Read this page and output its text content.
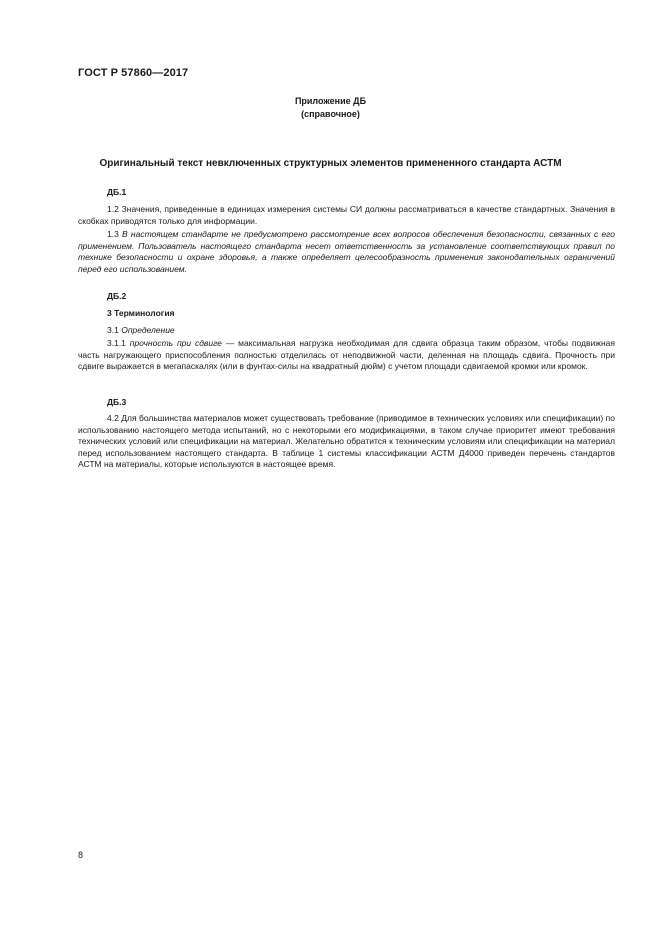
ГОСТ Р 57860—2017
Приложение ДБ
(справочное)
Оригинальный текст невключенных структурных элементов примененного стандарта АСТМ
ДБ.1

1.2 Значения, приведенные в единицах измерения системы СИ должны рассматриваться в качестве стандартных. Значения в скобках приводятся только для информации.

1.3 В настоящем стандарте не предусмотрено рассмотрение всех вопросов обеспечения безопасности, связанных с его применением. Пользователь настоящего стандарта несет ответственность за установление соответствующих правил по технике безопасности и охране здоровья, а также определяет целесообразность применения законодательных ограничений перед его использованием.

ДБ.2
3 Терминология
3.1 Определение

3.1.1 прочность при сдвиге — максимальная нагрузка необходимая для сдвига образца таким образом, чтобы подвижная часть нагружающего приспособления полностью отделилась от неподвижной части, деленная на площадь сдвига. Прочность при сдвиге выражается в мегапаскалях (или в фунтах-силы на квадратный дюйм) с учетом площади сдвигаемой кромки или кромок.

ДБ.3

4.2 Для большинства материалов может существовать требование (приводимое в технических условиях или спецификации) по использованию настоящего метода испытаний, но с некоторыми его модификациями, в таком случае приоритет имеют требования технических условий или спецификации на материал. Желательно обратится к техническим условиям или спецификации на материал перед использованием настоящего стандарта. В таблице 1 системы классификации АСТМ Д4000 приведен перечень стандартов АСТМ на материалы, которые используются в настоящее время.

8
